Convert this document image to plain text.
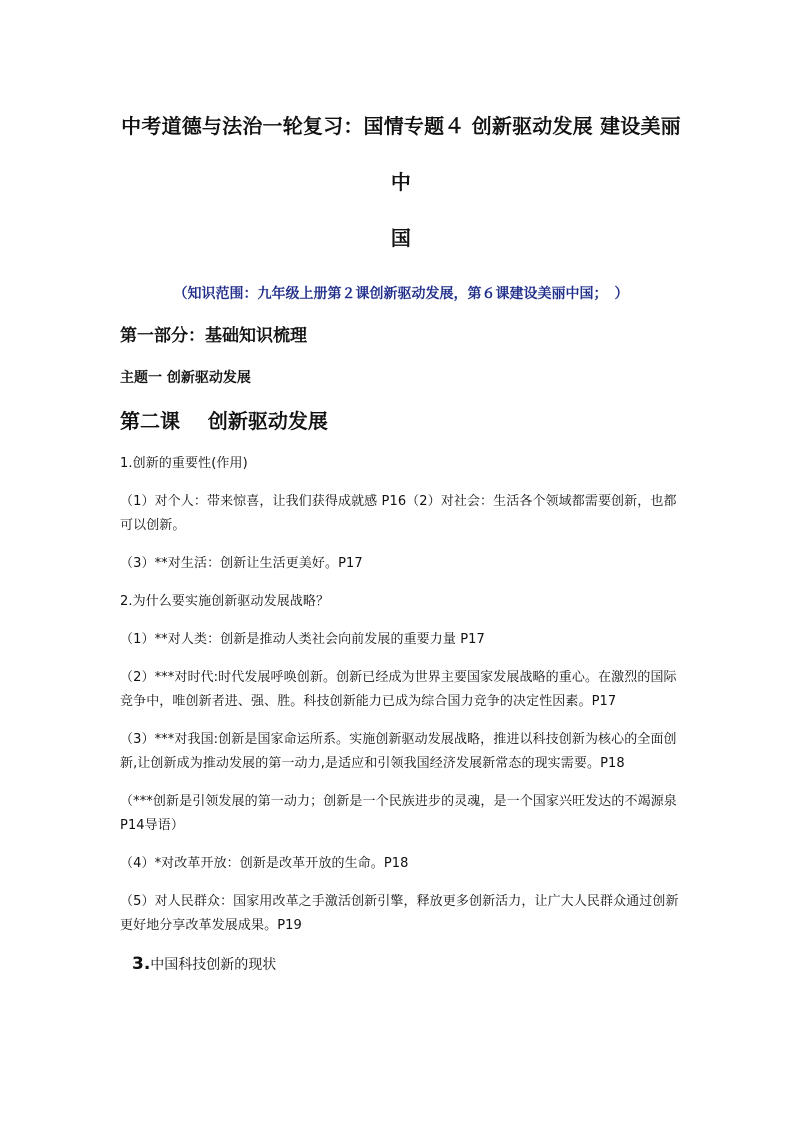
中考道德与法治一轮复习：国情专题４ 创新驱动发展 建设美丽中
国
（知识范围：九年级上册第２课创新驱动发展，第６课建设美丽中国；　）
第一部分：基础知识梳理
主题一 创新驱动发展
第二课    创新驱动发展
1.创新的重要性(作用)
（1）对个人：带来惊喜，让我们获得成就感 P16（2）对社会：生活各个领域都需要创新，也都可以创新。
（3）**对生活：创新让生活更美好。P17
2.为什么要实施创新驱动发展战略？
（1）**对人类：创新是推动人类社会向前发展的重要力量 P17
（2）***对时代:时代发展呼唤创新。创新已经成为世界主要国家发展战略的重心。在激烈的国际竞争中，唯创新者进、强、胜。科技创新能力已成为综合国力竞争的决定性因素。P17
（3）***对我国:创新是国家命运所系。实施创新驱动发展战略，推进以科技创新为核心的全面创新,让创新成为推动发展的第一动力,是适应和引领我国经济发展新常态的现实需要。P18
（***创新是引领发展的第一动力；创新是一个民族进步的灵魂，是一个国家兴旺发达的不竭源泉 P14导语）
（4）*对改革开放：创新是改革开放的生命。P18
（5）对人民群众：国家用改革之手激活创新引擎，释放更多创新活力，让广大人民群众通过创新更好地分享改革发展成果。P19
3.中国科技创新的现状
